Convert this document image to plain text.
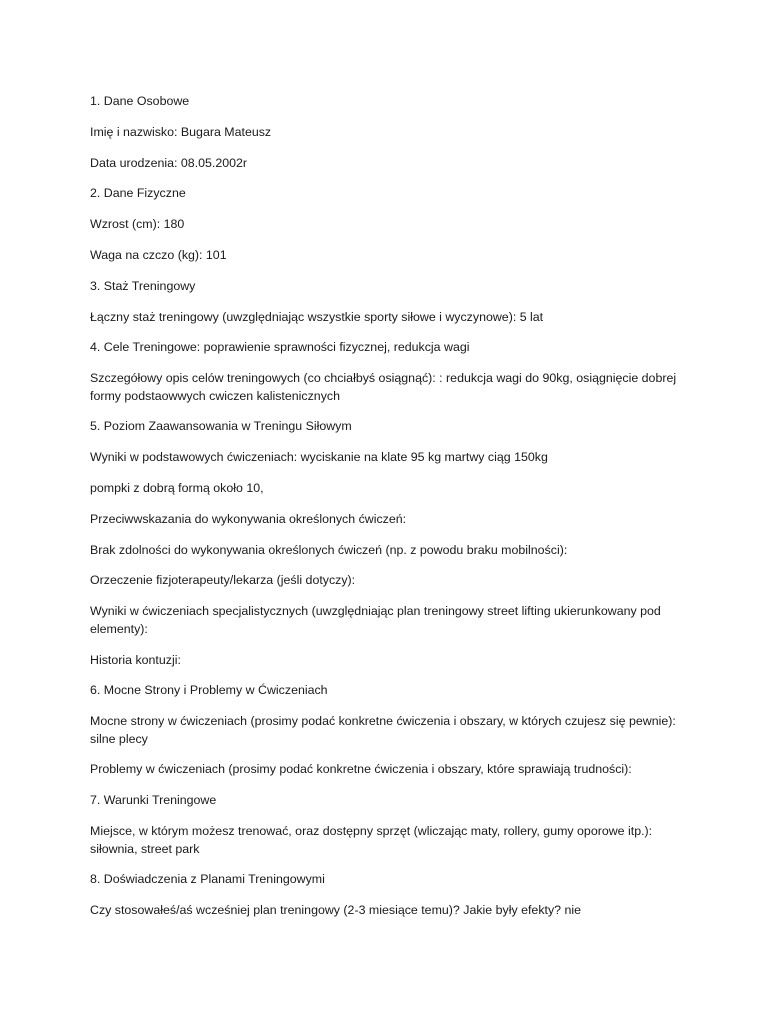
1. Dane Osobowe

Imię i nazwisko: Bugara Mateusz

Data urodzenia: 08.05.2002r

2. Dane Fizyczne

Wzrost (cm): 180

Waga na czczo (kg): 101

3. Staż Treningowy

Łączny staż treningowy (uwzględniając wszystkie sporty siłowe i wyczynowe): 5 lat

4. Cele Treningowe: poprawienie sprawności fizycznej, redukcja wagi

Szczegółowy opis celów treningowych (co chciałbyś osiągnąć): : redukcja wagi do 90kg, osiągnięcie dobrej formy podstaowwych cwiczen kalistenicznych

5. Poziom Zaawansowania w Treningu Siłowym

Wyniki w podstawowych ćwiczeniach: wyciskanie na klate 95 kg martwy ciąg 150kg

pompki z dobrą formą około 10,

Przeciwwskazania do wykonywania określonych ćwiczeń:

Brak zdolności do wykonywania określonych ćwiczeń (np. z powodu braku mobilności):

Orzeczenie fizjoterapeuty/lekarza (jeśli dotyczy):

Wyniki w ćwiczeniach specjalistycznych (uwzględniając plan treningowy street lifting ukierunkowany pod elementy):

Historia kontuzji:

6. Mocne Strony i Problemy w Ćwiczeniach

Mocne strony w ćwiczeniach (prosimy podać konkretne ćwiczenia i obszary, w których czujesz się pewnie): silne plecy

Problemy w ćwiczeniach (prosimy podać konkretne ćwiczenia i obszary, które sprawiają trudności):

7. Warunki Treningowe

Miejsce, w którym możesz trenować, oraz dostępny sprzęt (wliczając maty, rollery, gumy oporowe itp.): siłownia, street park

8. Doświadczenia z Planami Treningowymi

Czy stosowałeś/aś wcześniej plan treningowy (2-3 miesiące temu)? Jakie były efekty? nie
